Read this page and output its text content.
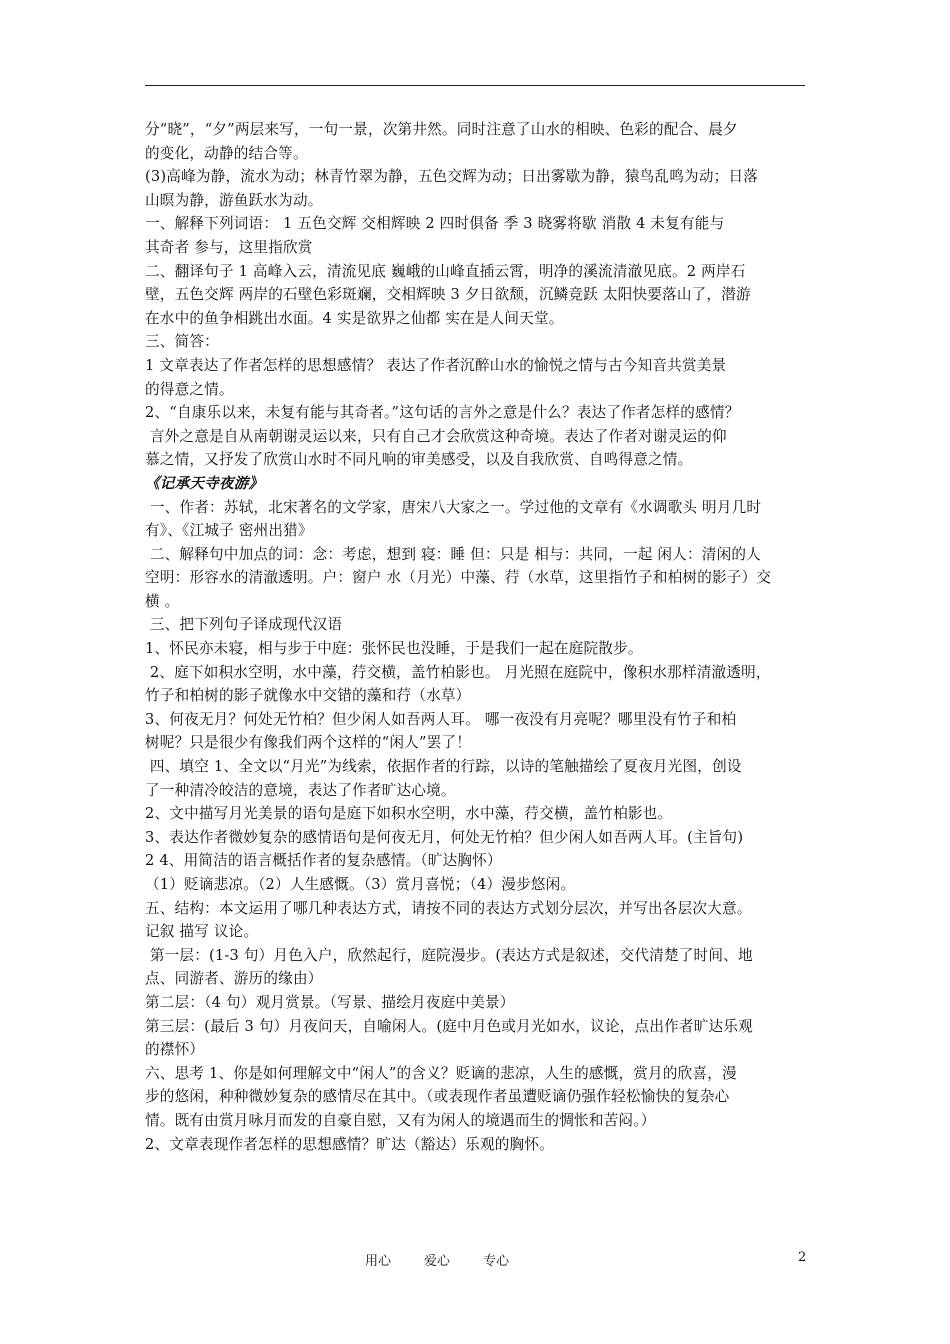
分“晓”，“夕”两层来写，一句一景，次第井然。同时注意了山水的相映、色彩的配合、晨夕
的变化，动静的结合等。
(3)高峰为静，流水为动；林青竹翠为静，五色交辉为动；日出雾歇为静，猿鸟乱鸣为动；日落
山暝为静，游鱼跃水为动。
一、解释下列词语： 1 五色交辉 交相辉映 2 四时俱备 季 3 晓雾将歇 消散 4 未复有能与
其奇者 参与，这里指欣赏
二、翻译句子 1 高峰入云，清流见底 巍峨的山峰直插云霄，明净的溪流清澈见底。2 两岸石
壁，五色交辉 两岸的石壁色彩斑斓，交相辉映 3 夕日欲颓，沉鳞竞跃 太阳快要落山了，潜游
在水中的鱼争相跳出水面。4 实是欲界之仙都 实在是人间天堂。
三、简答：
1 文章表达了作者怎样的思想感情？ 表达了作者沉醉山水的愉悦之情与古今知音共赏美景
的得意之情。
2、“自康乐以来，未复有能与其奇者。”这句话的言外之意是什么？表达了作者怎样的感情？
言外之意是自从南朝谢灵运以来，只有自己才会欣赏这种奇境。表达了作者对谢灵运的仰
慕之情，又抒发了欣赏山水时不同凡响的审美感受，以及自我欣赏、自鸣得意之情。
《记承天寺夜游》
一、作者：苏轼，北宋著名的文学家，唐宋八大家之一。学过他的文章有《水调歌头 明月几时
有》、《江城子 密州出猎》
二、解释句中加点的词：念：考虑，想到 寝：睡 但：只是 相与：共同，一起 闲人：清闲的人
空明：形容水的清澈透明。户：窗户 水（月光）中藻、荇（水草，这里指竹子和柏树的影子）交
横 。
三、把下列句子译成现代汉语
1、怀民亦未寝，相与步于中庭：张怀民也没睡，于是我们一起在庭院散步。
2、庭下如积水空明，水中藻，荇交横，盖竹柏影也。 月光照在庭院中，像积水那样清澈透明，
竹子和柏树的影子就像水中交错的藻和荇（水草）
3、何夜无月？何处无竹柏？但少闲人如吾两人耳。 哪一夜没有月亮呢？哪里没有竹子和柏
树呢？只是很少有像我们两个这样的“闲人”罢了！
四、填空 1、全文以“月光”为线索，依据作者的行踪，以诗的笔触描绘了夏夜月光图，创设
了一种清冷皎洁的意境，表达了作者旷达心境。
2、文中描写月光美景的语句是庭下如积水空明，水中藻，荇交横，盖竹柏影也。
3、表达作者微妙复杂的感情语句是何夜无月，何处无竹柏？但少闲人如吾两人耳。(主旨句)
2 4、用简洁的语言概括作者的复杂感情。（旷达胸怀）
（1）贬谪悲凉。（2）人生感慨。（3）赏月喜悦；（4）漫步悠闲。
五、结构：本文运用了哪几种表达方式，请按不同的表达方式划分层次，并写出各层次大意。
记叙 描写 议论。
第一层：(1-3 句）月色入户，欣然起行，庭院漫步。(表达方式是叙述，交代清楚了时间、地
点、同游者、游历的缘由）
第二层：（4 句）观月赏景。（写景、描绘月夜庭中美景）
第三层：(最后 3 句）月夜问天，自喻闲人。(庭中月色或月光如水，议论，点出作者旷达乐观
的襟怀）
六、思考 1、你是如何理解文中“闲人”的含义？贬谪的悲凉，人生的感慨，赏月的欣喜，漫
步的悠闲，种种微妙复杂的感情尽在其中。（或表现作者虽遭贬谪仍强作轻松愉快的复杂心
情。既有由赏月咏月而发的自豪自慰，又有为闲人的境遇而生的惆怅和苦闷。）
2、文章表现作者怎样的思想感情？旷达（豁达）乐观的胸怀。
用心        爱心        专心	2
